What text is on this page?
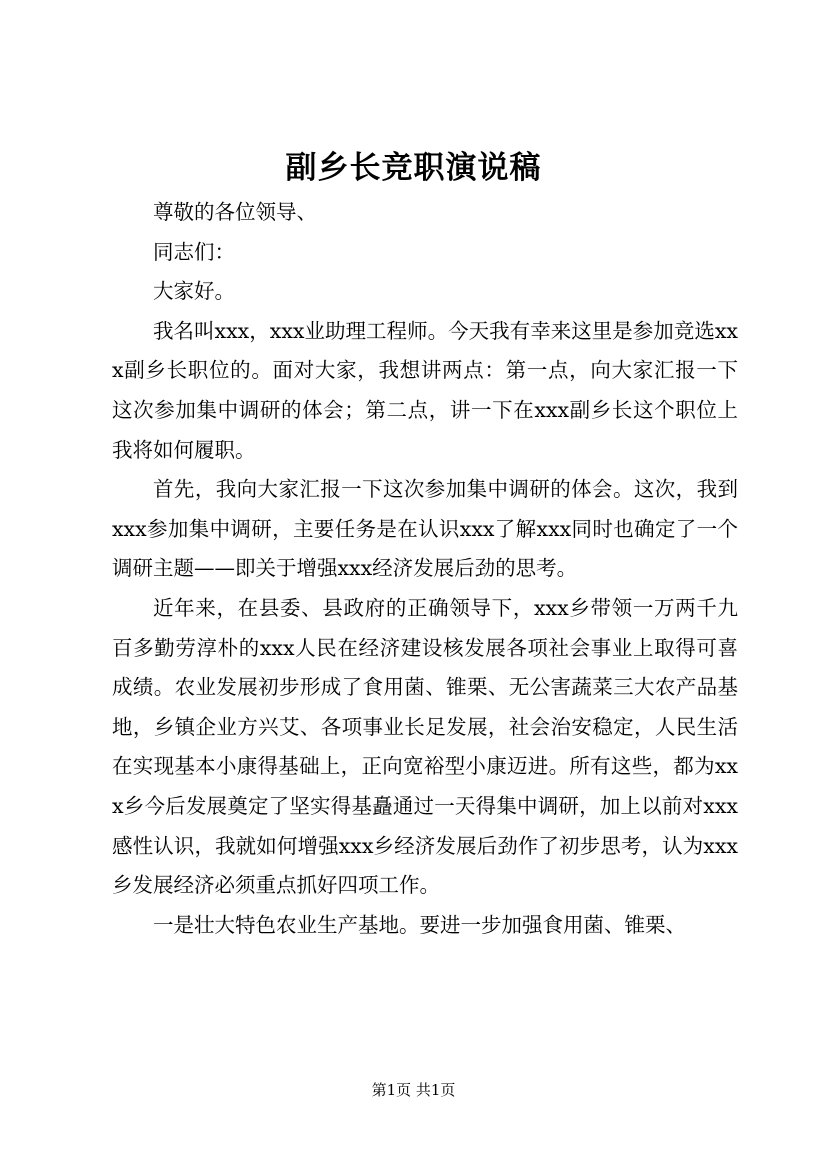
副乡长竞职演说稿

尊敬的各位领导、

同志们：

大家好。

我名叫xxx，xxx业助理工程师。今天我有幸来这里是参加竞选xxx副乡长职位的。面对大家，我想讲两点：第一点，向大家汇报一下这次参加集中调研的体会；第二点，讲一下在xxx副乡长这个职位上我将如何履职。

首先，我向大家汇报一下这次参加集中调研的体会。这次，我到xxx参加集中调研，主要任务是在认识xxx了解xxx同时也确定了一个调研主题——即关于增强xxx经济发展后劲的思考。

近年来，在县委、县政府的正确领导下，xxx乡带领一万两千九百多勤劳淳朴的xxx人民在经济建设核发展各项社会事业上取得可喜成绩。农业发展初步形成了食用菌、锥栗、无公害蔬菜三大农产品基地，乡镇企业方兴艾、各项事业长足发展，社会治安稳定，人民生活在实现基本小康得基础上，正向宽裕型小康迈进。所有这些，都为xxx乡今后发展奠定了坚实得基矗通过一天得集中调研，加上以前对xxx感性认识，我就如何增强xxx乡经济发展后劲作了初步思考，认为xxx乡发展经济必须重点抓好四项工作。

一是壮大特色农业生产基地。要进一步加强食用菌、锥栗、

第1页 共1页
